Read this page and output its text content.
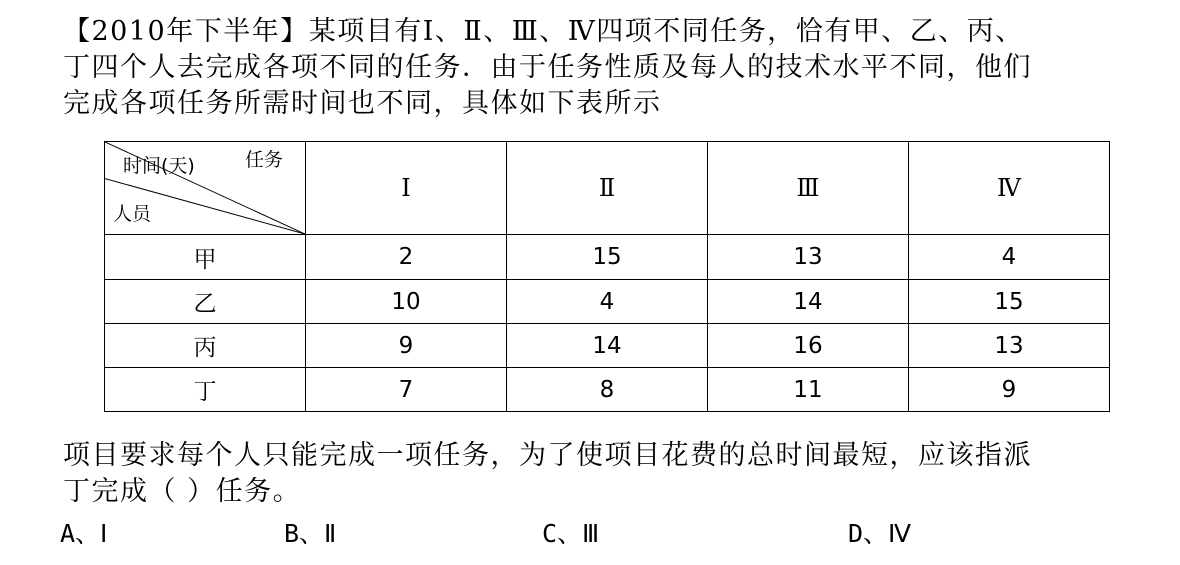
【2010年下半年】某项目有Ⅰ、Ⅱ、Ⅲ、Ⅳ四项不同任务，恰有甲、乙、丙、
丁四个人去完成各项不同的任务．由于任务性质及每人的技术水平不同，他们
完成各项任务所需时间也不同，具体如下表所示
时间(天) 任务
人员	Ⅰ	Ⅱ	Ⅲ	Ⅳ
甲	2	15	13	4
乙	10	4	14	15
丙	9	14	16	13
丁	7	8	11	9
项目要求每个人只能完成一项任务，为了使项目花费的总时间最短，应该指派
丁完成（ ）任务。
A、Ⅰ	B、Ⅱ	C、Ⅲ	D、Ⅳ
